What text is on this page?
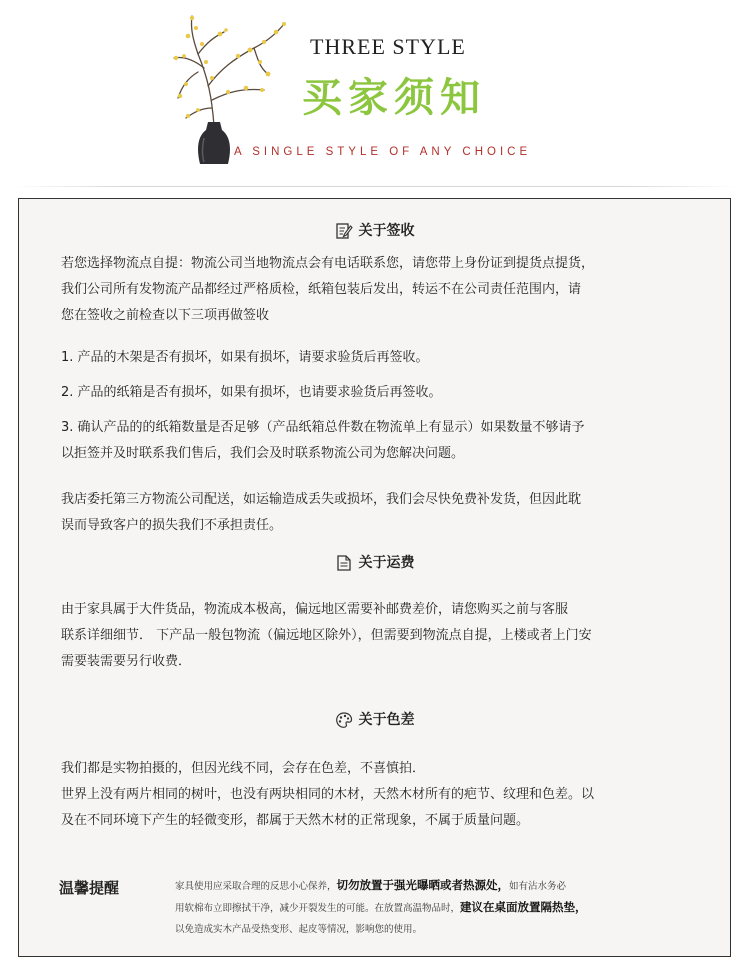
THREE STYLE
买家须知
A SINGLE STYLE OF ANY CHOICE
关于签收

若您选择物流点自提：物流公司当地物流点会有电话联系您，请您带上身份证到提货点提货，
我们公司所有发物流产品都经过严格质检，纸箱包装后发出，转运不在公司责任范围内，请
您在签收之前检查以下三项再做签收

1. 产品的木架是否有损坏，如果有损坏，请要求验货后再签收。

2. 产品的纸箱是否有损坏，如果有损坏，也请要求验货后再签收。

3. 确认产品的的纸箱数量是否足够（产品纸箱总件数在物流单上有显示）如果数量不够请予
以拒签并及时联系我们售后，我们会及时联系物流公司为您解决问题。

我店委托第三方物流公司配送，如运输造成丢失或损坏，我们会尽快免费补发货，但因此耽
误而导致客户的损失我们不承担责任。

关于运费

由于家具属于大件货品，物流成本极高，偏远地区需要补邮费差价，请您购买之前与客服
联系详细细节． 下产品一般包物流（偏远地区除外），但需要到物流点自提，上楼或者上门安
需要装需要另行收费．

关于色差

我们都是实物拍摄的，但因光线不同，会存在色差，不喜慎拍．
世界上没有两片相同的树叶，也没有两块相同的木材，天然木材所有的疤节、纹理和色差。以
及在不同环境下产生的轻微变形，都属于天然木材的正常现象，不属于质量问题。

温馨提醒	家具使用应采取合理的反思小心保养，切勿放置于强光曝晒或者热源处，如有沾水务必
用软棉布立即擦拭干净，减少开裂发生的可能。在放置高温物品时，建议在桌面放置隔热垫，
以免造成实木产品受热变形、起皮等情况，影响您的使用。
